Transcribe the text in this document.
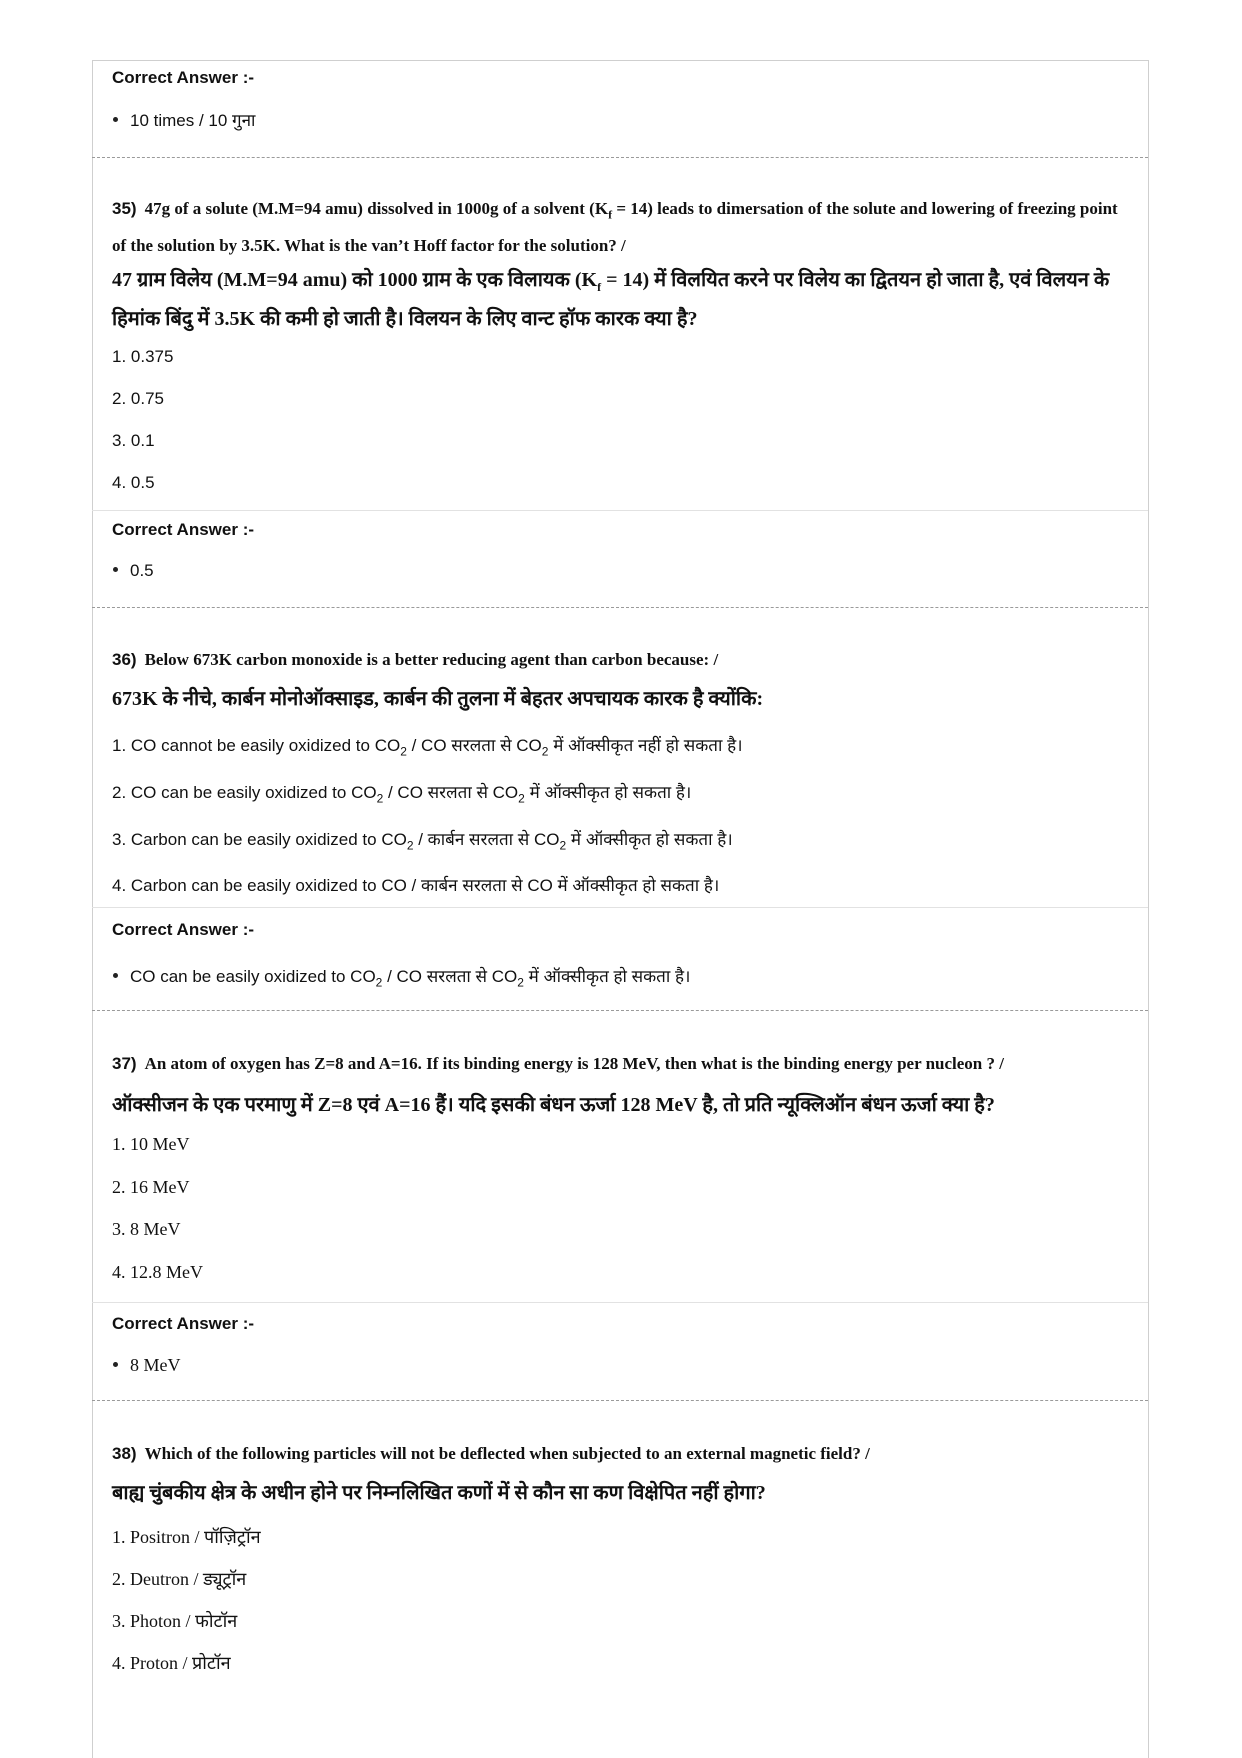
Correct Answer :-
10 times / 10 गुना
35) 47g of a solute (M.M=94 amu) dissolved in 1000g of a solvent $(K_f = 14)$ leads to dimersation of the solute and lowering of freezing point of the solution by 3.5K. What is the van’t Hoff factor for the solution? /
47 ग्राम विलेय (M.M=94 amu) को 1000 ग्राम के एक विलायक $(K_f = 14)$ में विलयित करने पर विलेय का द्वितयन हो जाता है, एवं विलयन के हिमांक बिंदु में 3.5K की कमी हो जाती है। विलयन के लिए वान्ट हॉफ कारक क्या है?
1. 0.375
2. 0.75
3. 0.1
4. 0.5
Correct Answer :-
0.5
36) Below 673K carbon monoxide is a better reducing agent than carbon because: /
673K के नीचे, कार्बन मोनोऑक्साइड, कार्बन की तुलना में बेहतर अपचायक कारक है क्योंकि:
1. CO cannot be easily oxidized to $CO_2$ / CO सरलता से $CO_2$ में ऑक्सीकृत नहीं हो सकता है।
2. CO can be easily oxidized to $CO_2$ / CO सरलता से $CO_2$ में ऑक्सीकृत हो सकता है।
3. Carbon can be easily oxidized to $CO_2$ / कार्बन सरलता से $CO_2$ में ऑक्सीकृत हो सकता है।
4. Carbon can be easily oxidized to CO / कार्बन सरलता से CO में ऑक्सीकृत हो सकता है।
Correct Answer :-
CO can be easily oxidized to $CO_2$ / CO सरलता से $CO_2$ में ऑक्सीकृत हो सकता है।
37) An atom of oxygen has Z=8 and A=16. If its binding energy is 128 MeV, then what is the binding energy per nucleon ? /
ऑक्सीजन के एक परमाणु में Z=8 एवं A=16 हैं। यदि इसकी बंधन ऊर्जा 128 MeV है, तो प्रति न्यूक्लिऑन बंधन ऊर्जा क्या है?
1. 10 MeV
2. 16 MeV
3. 8 MeV
4. 12.8 MeV
Correct Answer :-
8 MeV
38) Which of the following particles will not be deflected when subjected to an external magnetic field? /
बाह्य चुंबकीय क्षेत्र के अधीन होने पर निम्नलिखित कणों में से कौन सा कण विक्षेपित नहीं होगा?
1. Positron / पॉज़िट्रॉन
2. Deutron / ड्यूट्रॉन
3. Photon / फोटॉन
4. Proton / प्रोटॉन
